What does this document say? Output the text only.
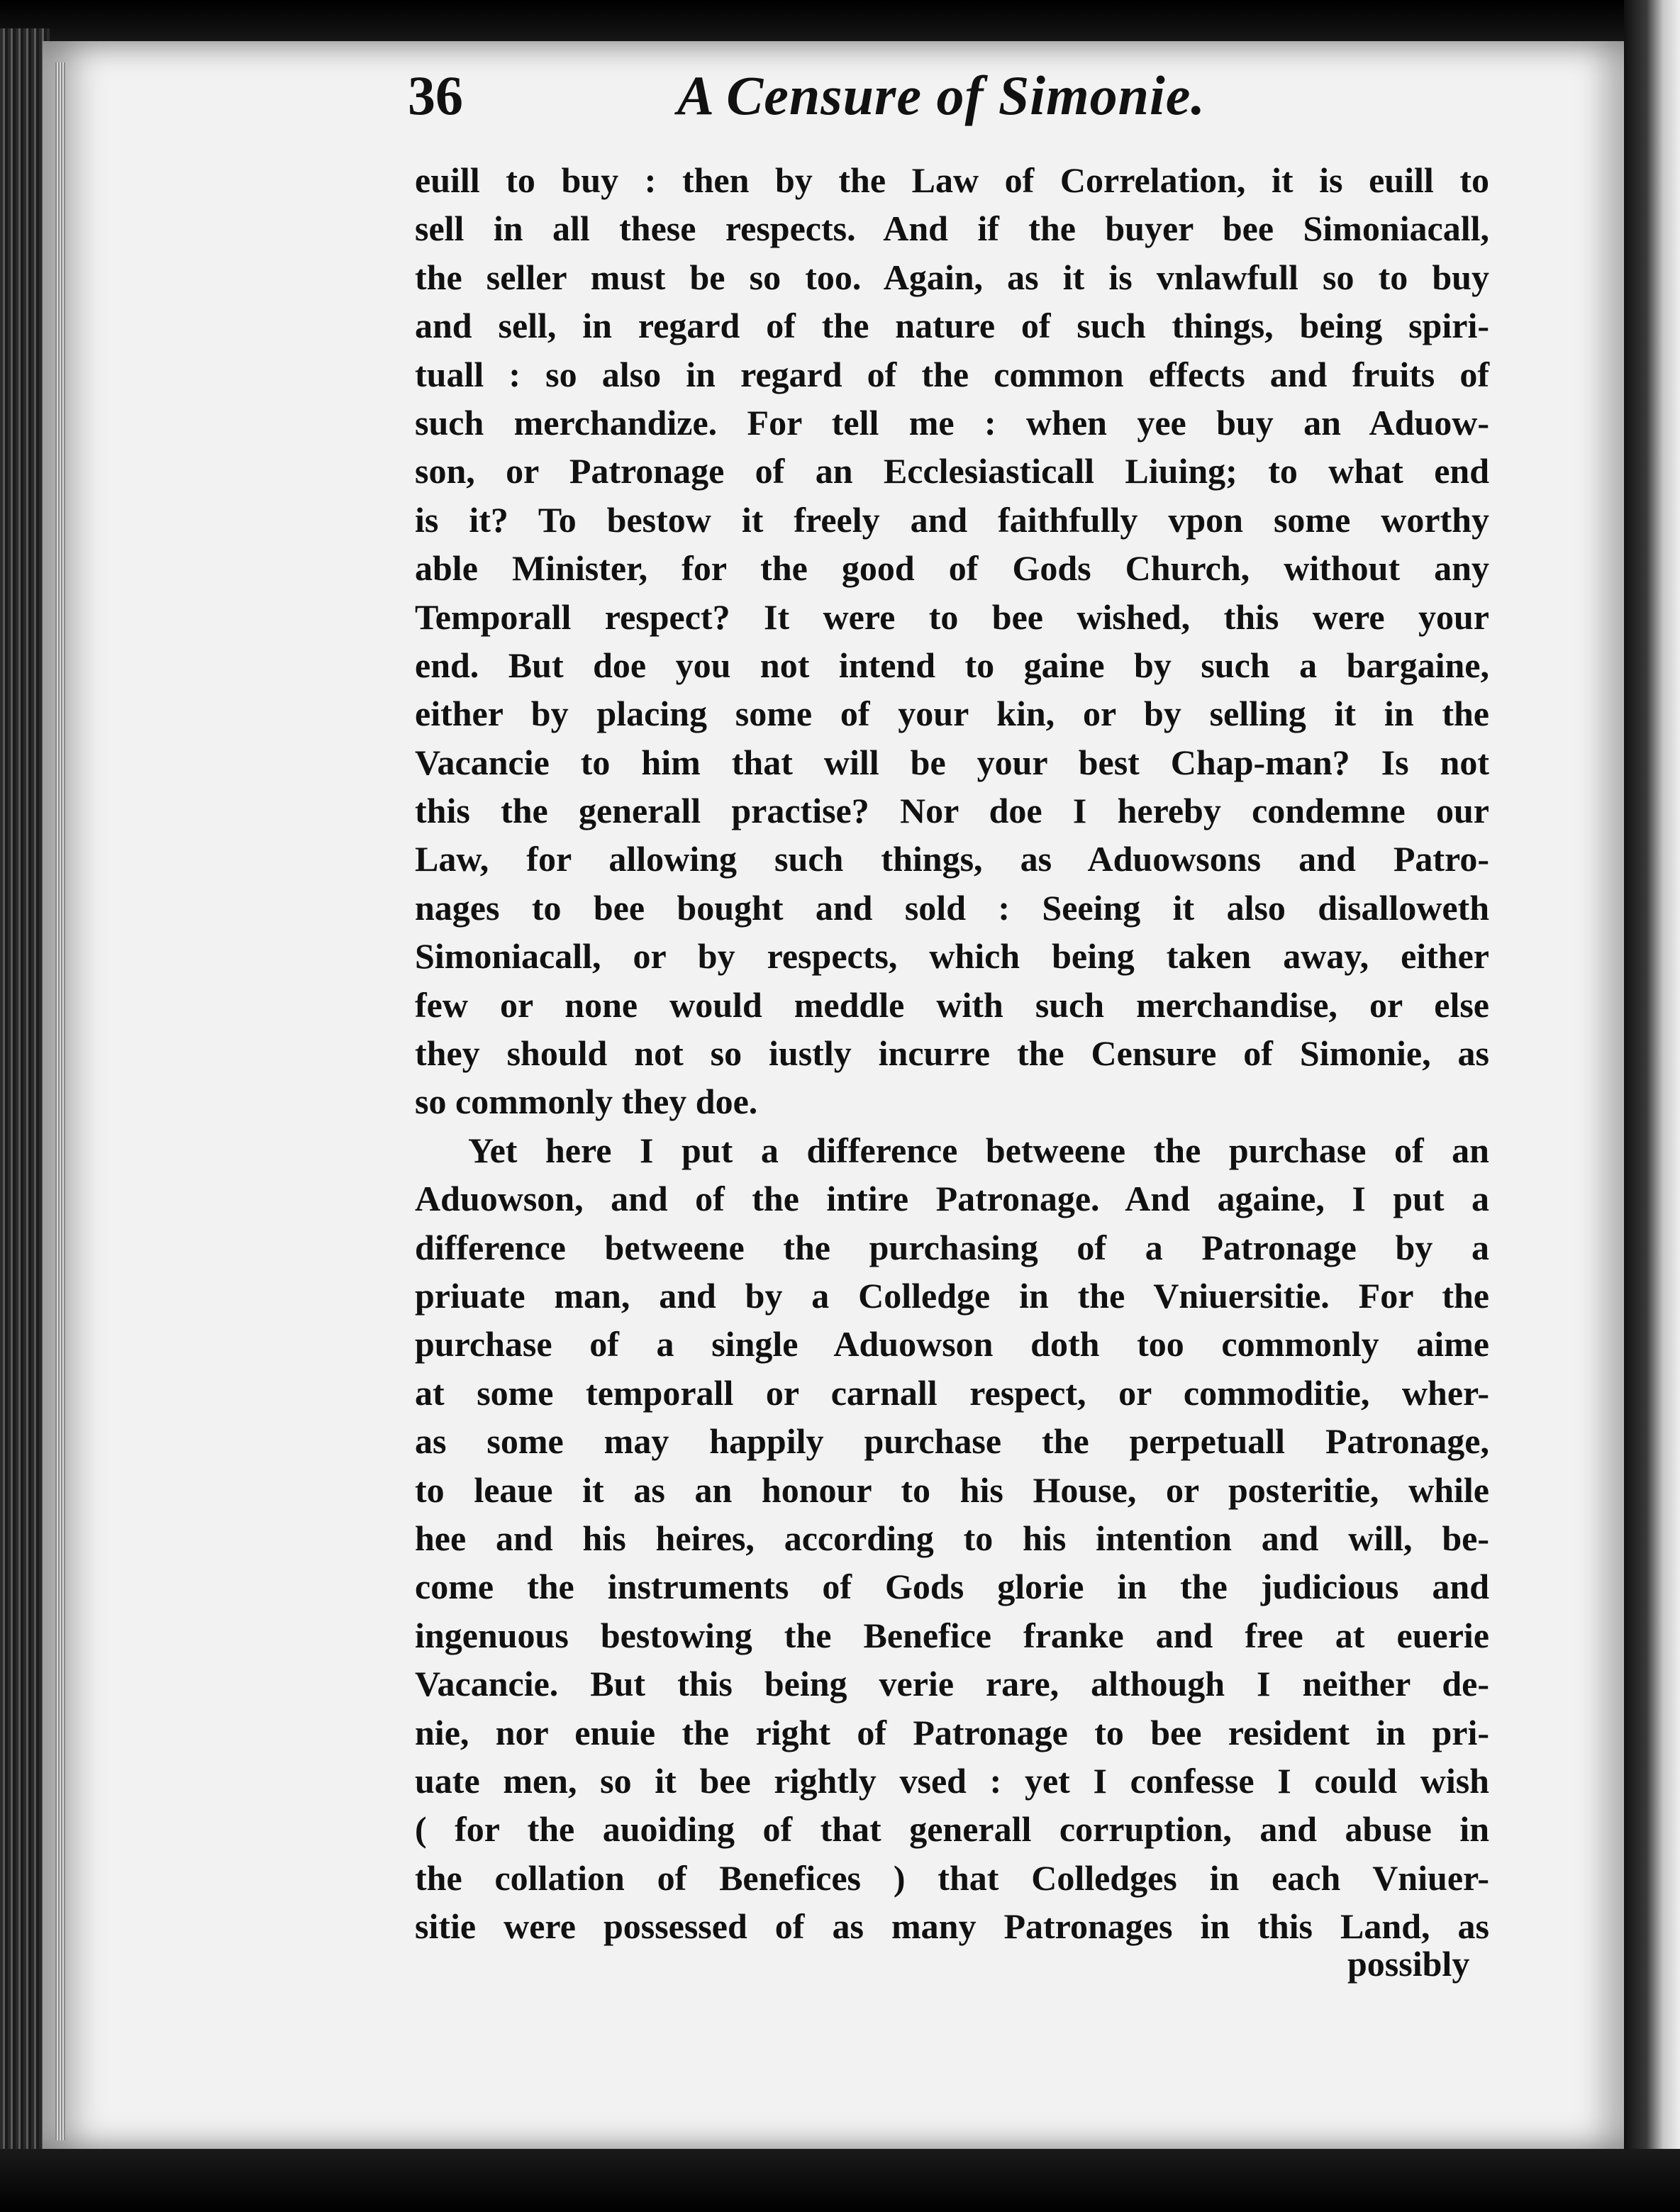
36	A Censure of Simonie.
euill to buy : then by the Law of Correlation, it is euill to
sell in all these respects. And if the buyer bee Simoniacall,
the seller must be so too. Again, as it is vnlawfull so to buy
and sell, in regard of the nature of such things, being spiri-
tuall : so also in regard of the common effects and fruits of
such merchandize. For tell me : when yee buy an Aduow-
son, or Patronage of an Ecclesiasticall Liuing; to what end
is it? To bestow it freely and faithfully vpon some worthy
able Minister, for the good of Gods Church, without any
Temporall respect? It were to bee wished, this were your
end. But doe you not intend to gaine by such a bargaine,
either by placing some of your kin, or by selling it in the
Vacancie to him that will be your best Chap-man? Is not
this the generall practise? Nor doe I hereby condemne our
Law, for allowing such things, as Aduowsons and Patro-
nages to bee bought and sold : Seeing it also disalloweth
Simoniacall, or by respects, which being taken away, either
few or none would meddle with such merchandise, or else
they should not so iustly incurre the Censure of Simonie, as
so commonly they doe.
Yet here I put a difference betweene the purchase of an
Aduowson, and of the intire Patronage. And againe, I put a
difference betweene the purchasing of a Patronage by a
priuate man, and by a Colledge in the Vniuersitie. For the
purchase of a single Aduowson doth too commonly aime
at some temporall or carnall respect, or commoditie, wher-
as some may happily purchase the perpetuall Patronage,
to leaue it as an honour to his House, or posteritie, while
hee and his heires, according to his intention and will, be-
come the instruments of Gods glorie in the judicious and
ingenuous bestowing the Benefice franke and free at euerie
Vacancie. But this being verie rare, although I neither de-
nie, nor enuie the right of Patronage to bee resident in pri-
uate men, so it bee rightly vsed : yet I confesse I could wish
( for the auoiding of that generall corruption, and abuse in
the collation of Benefices ) that Colledges in each Vniuer-
sitie were possessed of as many Patronages in this Land, as
possibly
